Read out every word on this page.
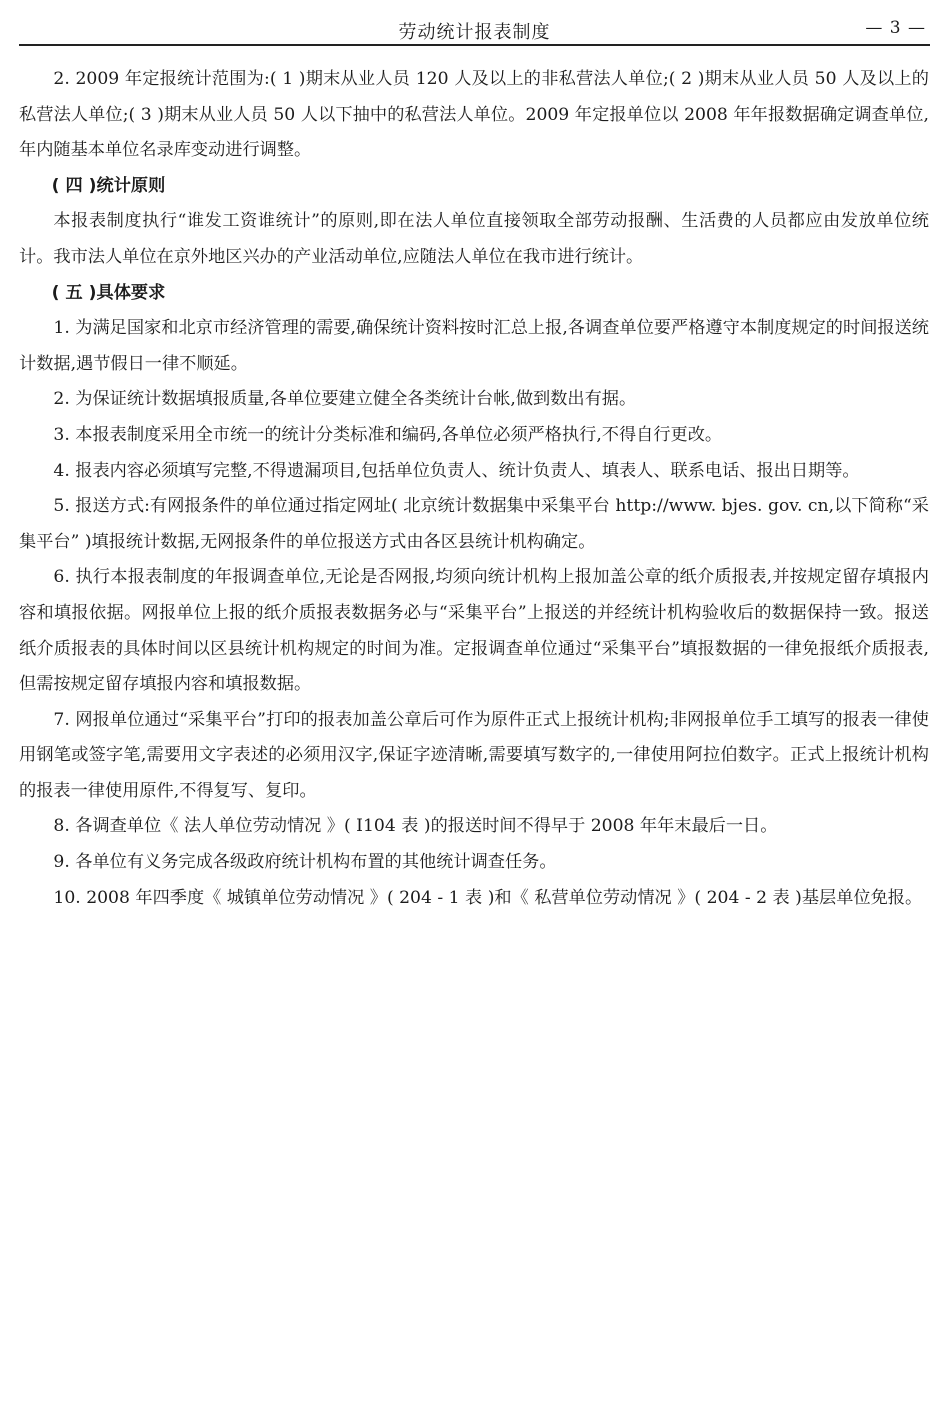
劳动统计报表制度	— 3 —

2. 2009 年定报统计范围为:( 1 )期末从业人员 120 人及以上的非私营法人单位;( 2 )期末从业人员 50 人及以上的私营法人单位;( 3 )期末从业人员 50 人以下抽中的私营法人单位。2009 年定报单位以 2008 年年报数据确定调查单位,年内随基本单位名录库变动进行调整。

( 四 )统计原则

本报表制度执行“谁发工资谁统计”的原则,即在法人单位直接领取全部劳动报酬、生活费的人员都应由发放单位统计。我市法人单位在京外地区兴办的产业活动单位,应随法人单位在我市进行统计。

( 五 )具体要求

1. 为满足国家和北京市经济管理的需要,确保统计资料按时汇总上报,各调查单位要严格遵守本制度规定的时间报送统计数据,遇节假日一律不顺延。

2. 为保证统计数据填报质量,各单位要建立健全各类统计台帐,做到数出有据。

3. 本报表制度采用全市统一的统计分类标准和编码,各单位必须严格执行,不得自行更改。

4. 报表内容必须填写完整,不得遗漏项目,包括单位负责人、统计负责人、填表人、联系电话、报出日期等。

5. 报送方式:有网报条件的单位通过指定网址( 北京统计数据集中采集平台 http://www. bjes. gov. cn,以下简称“采集平台” )填报统计数据,无网报条件的单位报送方式由各区县统计机构确定。

6. 执行本报表制度的年报调查单位,无论是否网报,均须向统计机构上报加盖公章的纸介质报表,并按规定留存填报内容和填报依据。网报单位上报的纸介质报表数据务必与“采集平台”上报送的并经统计机构验收后的数据保持一致。报送纸介质报表的具体时间以区县统计机构规定的时间为准。定报调查单位通过“采集平台”填报数据的一律免报纸介质报表,但需按规定留存填报内容和填报数据。

7. 网报单位通过“采集平台”打印的报表加盖公章后可作为原件正式上报统计机构;非网报单位手工填写的报表一律使用钢笔或签字笔,需要用文字表述的必须用汉字,保证字迹清晰,需要填写数字的,一律使用阿拉伯数字。正式上报统计机构的报表一律使用原件,不得复写、复印。

8. 各调查单位《 法人单位劳动情况 》( I104 表 )的报送时间不得早于 2008 年年末最后一日。

9. 各单位有义务完成各级政府统计机构布置的其他统计调查任务。

10. 2008 年四季度《 城镇单位劳动情况 》( 204 - 1 表 )和《 私营单位劳动情况 》( 204 - 2 表 )基层单位免报。
